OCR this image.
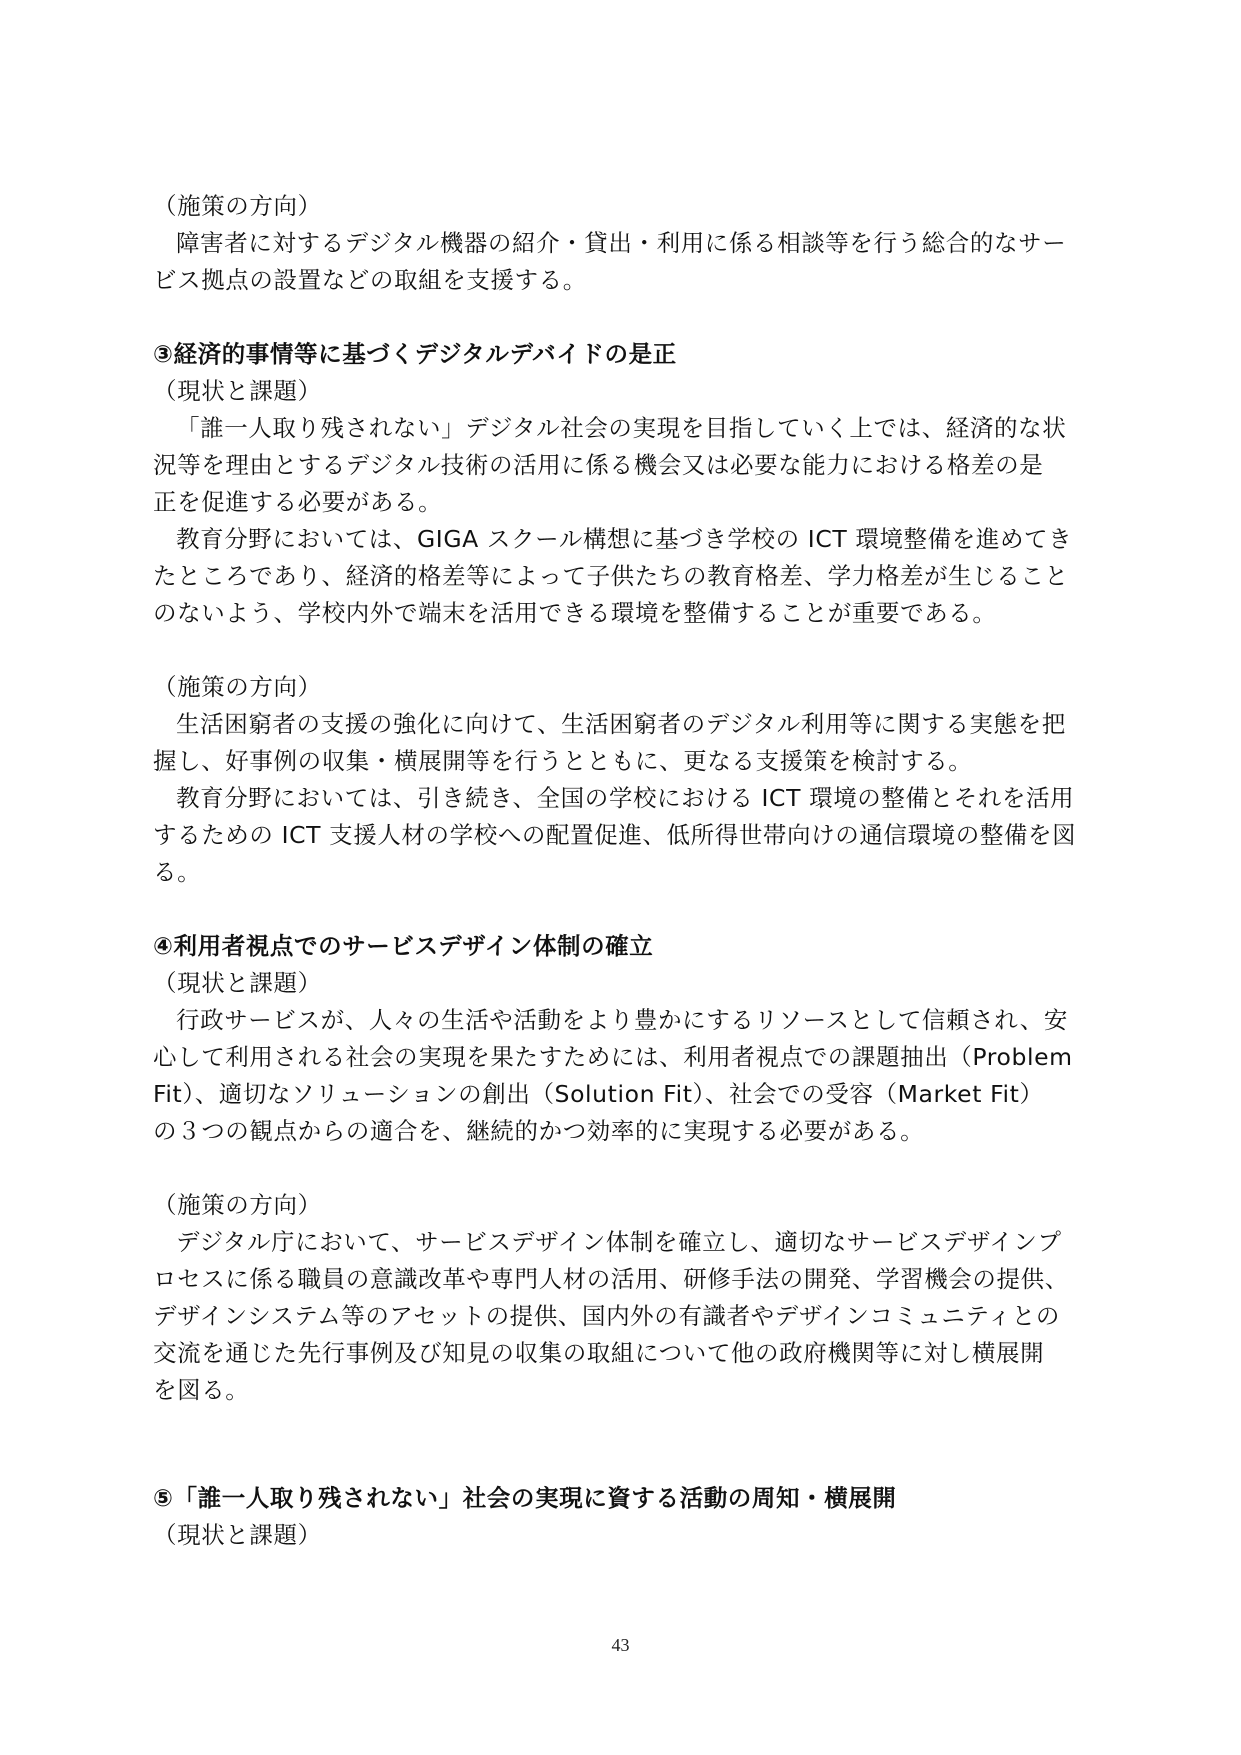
（施策の方向）
障害者に対するデジタル機器の紹介・貸出・利用に係る相談等を行う総合的なサー
ビス拠点の設置などの取組を支援する。
③経済的事情等に基づくデジタルデバイドの是正
（現状と課題）
「誰一人取り残されない」デジタル社会の実現を目指していく上では、経済的な状
況等を理由とするデジタル技術の活用に係る機会又は必要な能力における格差の是
正を促進する必要がある。
教育分野においては、GIGA スクール構想に基づき学校の ICT 環境整備を進めてき
たところであり、経済的格差等によって子供たちの教育格差、学力格差が生じること
のないよう、学校内外で端末を活用できる環境を整備することが重要である。
（施策の方向）
生活困窮者の支援の強化に向けて、生活困窮者のデジタル利用等に関する実態を把
握し、好事例の収集・横展開等を行うとともに、更なる支援策を検討する。
教育分野においては、引き続き、全国の学校における ICT 環境の整備とそれを活用
するための ICT 支援人材の学校への配置促進、低所得世帯向けの通信環境の整備を図
る。
④利用者視点でのサービスデザイン体制の確立
（現状と課題）
行政サービスが、人々の生活や活動をより豊かにするリソースとして信頼され、安
心して利用される社会の実現を果たすためには、利用者視点での課題抽出（Problem
Fit）、適切なソリューションの創出（Solution Fit）、社会での受容（Market Fit）
の３つの観点からの適合を、継続的かつ効率的に実現する必要がある。
（施策の方向）
デジタル庁において、サービスデザイン体制を確立し、適切なサービスデザインプ
ロセスに係る職員の意識改革や専門人材の活用、研修手法の開発、学習機会の提供、
デザインシステム等のアセットの提供、国内外の有識者やデザインコミュニティとの
交流を通じた先行事例及び知見の収集の取組について他の政府機関等に対し横展開
を図る。
⑤「誰一人取り残されない」社会の実現に資する活動の周知・横展開
（現状と課題）
43
